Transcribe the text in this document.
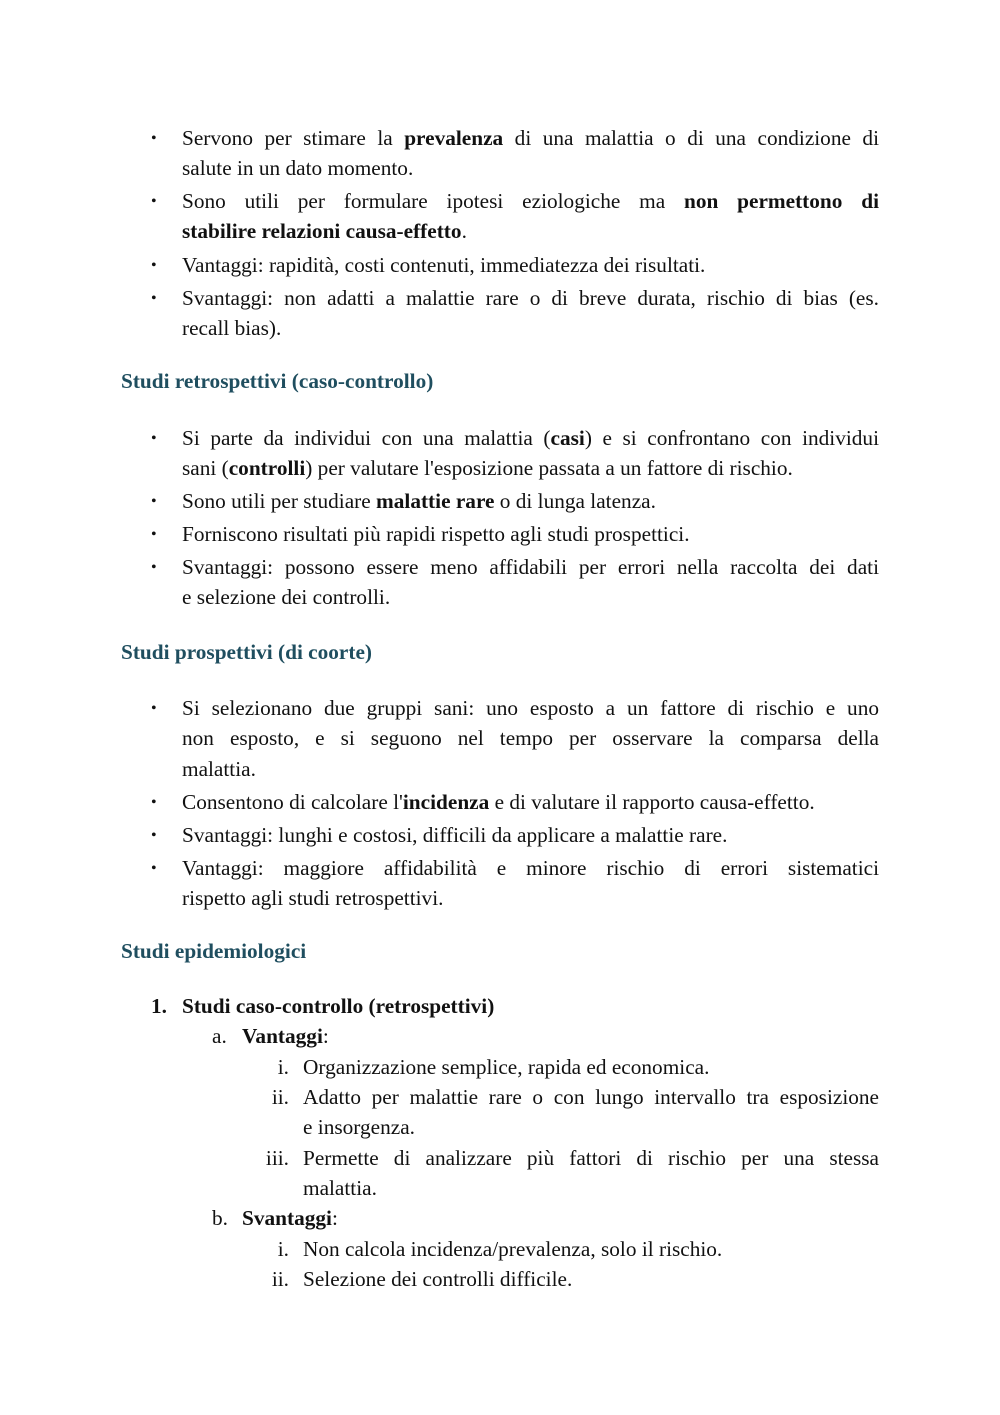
• Servono per stimare la prevalenza di una malattia o di una condizione di
salute in un dato momento.
• Sono utili per formulare ipotesi eziologiche ma non permettono di
stabilire relazioni causa-effetto.
• Vantaggi: rapidità, costi contenuti, immediatezza dei risultati.
• Svantaggi: non adatti a malattie rare o di breve durata, rischio di bias (es.
recall bias).
Studi retrospettivi (caso-controllo)
• Si parte da individui con una malattia (casi) e si confrontano con individui
sani (controlli) per valutare l'esposizione passata a un fattore di rischio.
• Sono utili per studiare malattie rare o di lunga latenza.
• Forniscono risultati più rapidi rispetto agli studi prospettici.
• Svantaggi: possono essere meno affidabili per errori nella raccolta dei dati
e selezione dei controlli.
Studi prospettivi (di coorte)
• Si selezionano due gruppi sani: uno esposto a un fattore di rischio e uno
non esposto, e si seguono nel tempo per osservare la comparsa della
malattia.
• Consentono di calcolare l'incidenza e di valutare il rapporto causa-effetto.
• Svantaggi: lunghi e costosi, difficili da applicare a malattie rare.
• Vantaggi: maggiore affidabilità e minore rischio di errori sistematici
rispetto agli studi retrospettivi.
Studi epidemiologici
1. Studi caso-controllo (retrospettivi)
a. Vantaggi:
i. Organizzazione semplice, rapida ed economica.
ii. Adatto per malattie rare o con lungo intervallo tra esposizione
e insorgenza.
iii. Permette di analizzare più fattori di rischio per una stessa
malattia.
b. Svantaggi:
i. Non calcola incidenza/prevalenza, solo il rischio.
ii. Selezione dei controlli difficile.
